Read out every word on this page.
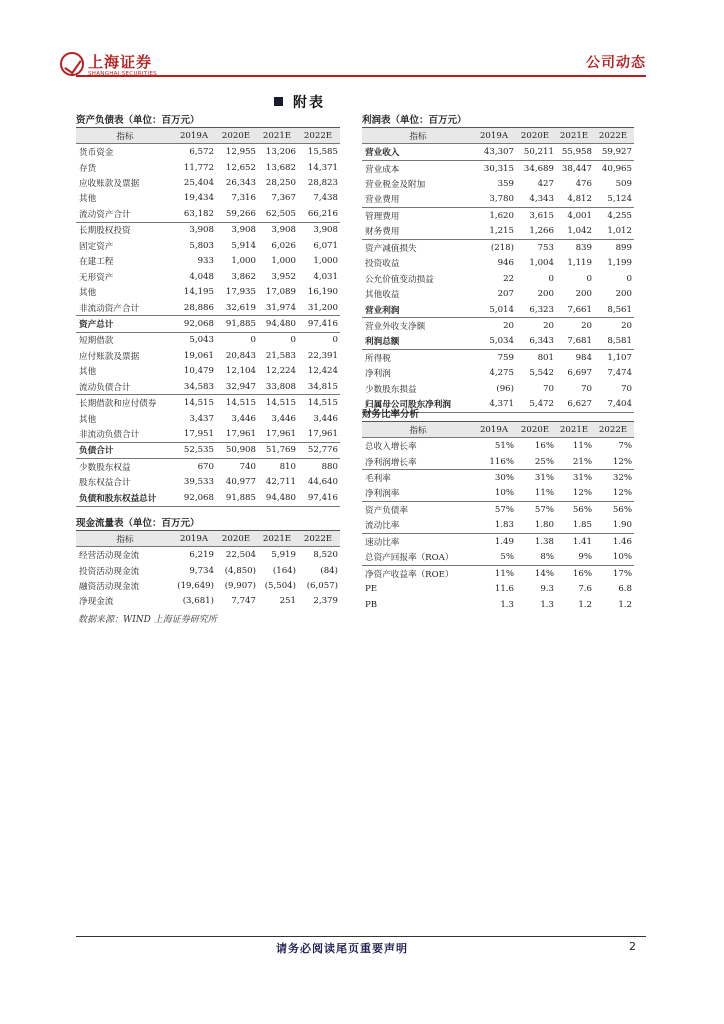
上海证券
SHANGHAI SECURITIES
公司动态
附表
资产负债表（单位：百万元）
指标	2019A	2020E	2021E	2022E
货币资金	6,572	12,955	13,206	15,585
存货	11,772	12,652	13,682	14,371
应收账款及票据	25,404	26,343	28,250	28,823
其他	19,434	7,316	7,367	7,438
流动资产合计	63,182	59,266	62,505	66,216
长期股权投资	3,908	3,908	3,908	3,908
固定资产	5,803	5,914	6,026	6,071
在建工程	933	1,000	1,000	1,000
无形资产	4,048	3,862	3,952	4,031
其他	14,195	17,935	17,089	16,190
非流动资产合计	28,886	32,619	31,974	31,200
资产总计	92,068	91,885	94,480	97,416
短期借款	5,043	0	0	0
应付账款及票据	19,061	20,843	21,583	22,391
其他	10,479	12,104	12,224	12,424
流动负债合计	34,583	32,947	33,808	34,815
长期借款和应付债券	14,515	14,515	14,515	14,515
其他	3,437	3,446	3,446	3,446
非流动负债合计	17,951	17,961	17,961	17,961
负债合计	52,535	50,908	51,769	52,776
少数股东权益	670	740	810	880
股东权益合计	39,533	40,977	42,711	44,640
负债和股东权益总计	92,068	91,885	94,480	97,416
现金流量表（单位：百万元）
指标	2019A	2020E	2021E	2022E
经营活动现金流	6,219	22,504	5,919	8,520
投资活动现金流	9,734	(4,850)	(164)	(84)
融资活动现金流	(19,649)	(9,907)	(5,504)	(6,057)
净现金流	(3,681)	7,747	251	2,379
利润表（单位：百万元）
指标	2019A	2020E	2021E	2022E
营业收入	43,307	50,211	55,958	59,927
营业成本	30,315	34,689	38,447	40,965
营业税金及附加	359	427	476	509
营业费用	3,780	4,343	4,812	5,124
管理费用	1,620	3,615	4,001	4,255
财务费用	1,215	1,266	1,042	1,012
资产减值损失	(218)	753	839	899
投资收益	946	1,004	1,119	1,199
公允价值变动损益	22	0	0	0
其他收益	207	200	200	200
营业利润	5,014	6,323	7,661	8,561
营业外收支净额	20	20	20	20
利润总额	5,034	6,343	7,681	8,581
所得税	759	801	984	1,107
净利润	4,275	5,542	6,697	7,474
少数股东损益	(96)	70	70	70
归属母公司股东净利润	4,371	5,472	6,627	7,404
财务比率分析
指标	2019A	2020E	2021E	2022E
总收入增长率	51%	16%	11%	7%
净利润增长率	116%	25%	21%	12%
毛利率	30%	31%	31%	32%
净利润率	10%	11%	12%	12%
资产负债率	57%	57%	56%	56%
流动比率	1.83	1.80	1.85	1.90
速动比率	1.49	1.38	1.41	1.46
总资产回报率（ROA）	5%	8%	9%	10%
净资产收益率（ROE）	11%	14%	16%	17%
PE	11.6	9.3	7.6	6.8
PB	1.3	1.3	1.2	1.2
数据来源：WIND 上海证券研究所
请务必阅读尾页重要声明	2
